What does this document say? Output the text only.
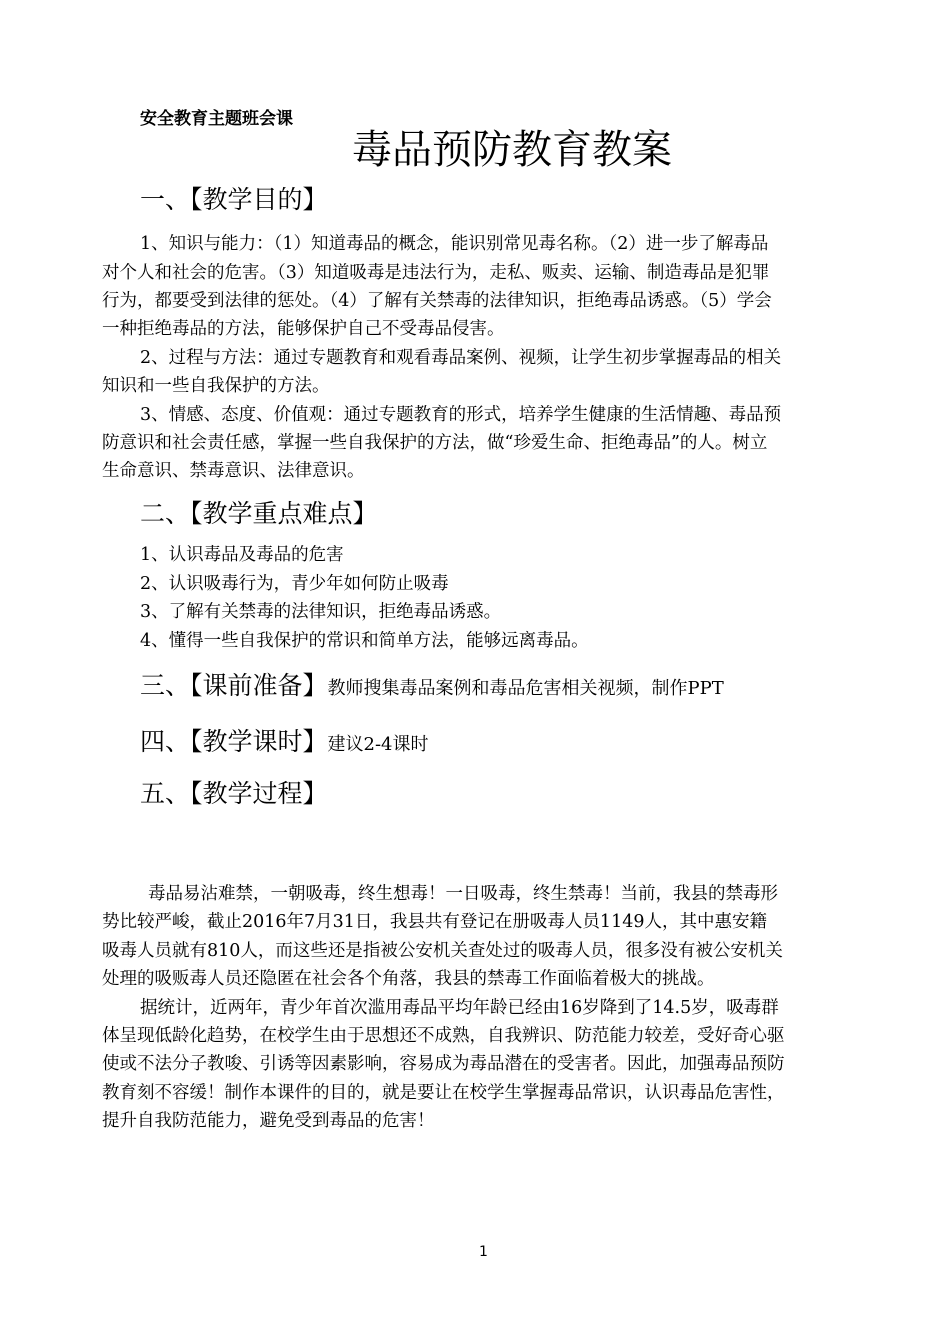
安全教育主题班会课
毒品预防教育教案
一、【教学目的】
1、知识与能力：（1）知道毒品的概念，能识别常见毒名称。（2）进一步了解毒品
对个人和社会的危害。（3）知道吸毒是违法行为，走私、贩卖、运输、制造毒品是犯罪
行为，都要受到法律的惩处。（4）了解有关禁毒的法律知识，拒绝毒品诱惑。（5）学会
一种拒绝毒品的方法，能够保护自己不受毒品侵害。
2、过程与方法：通过专题教育和观看毒品案例、视频，让学生初步掌握毒品的相关
知识和一些自我保护的方法。
3、情感、态度、价值观：通过专题教育的形式，培养学生健康的生活情趣、毒品预
防意识和社会责任感，掌握一些自我保护的方法，做“珍爱生命、拒绝毒品”的人。树立
生命意识、禁毒意识、法律意识。
二、【教学重点难点】
1、认识毒品及毒品的危害
2、认识吸毒行为，青少年如何防止吸毒
3、了解有关禁毒的法律知识，拒绝毒品诱惑。
4、懂得一些自我保护的常识和简单方法，能够远离毒品。
三、【课前准备】教师搜集毒品案例和毒品危害相关视频，制作PPT
四、【教学课时】建议2-4课时
五、【教学过程】
毒品易沾难禁，一朝吸毒，终生想毒！一日吸毒，终生禁毒！当前，我县的禁毒形
势比较严峻，截止2016年7月31日，我县共有登记在册吸毒人员1149人，其中惠安籍
吸毒人员就有810人，而这些还是指被公安机关查处过的吸毒人员，很多没有被公安机关
处理的吸贩毒人员还隐匿在社会各个角落，我县的禁毒工作面临着极大的挑战。
据统计，近两年，青少年首次滥用毒品平均年龄已经由16岁降到了14.5岁，吸毒群
体呈现低龄化趋势，在校学生由于思想还不成熟，自我辨识、防范能力较差，受好奇心驱
使或不法分子教唆、引诱等因素影响，容易成为毒品潜在的受害者。因此，加强毒品预防
教育刻不容缓！制作本课件的目的，就是要让在校学生掌握毒品常识，认识毒品危害性，
提升自我防范能力，避免受到毒品的危害！
1
